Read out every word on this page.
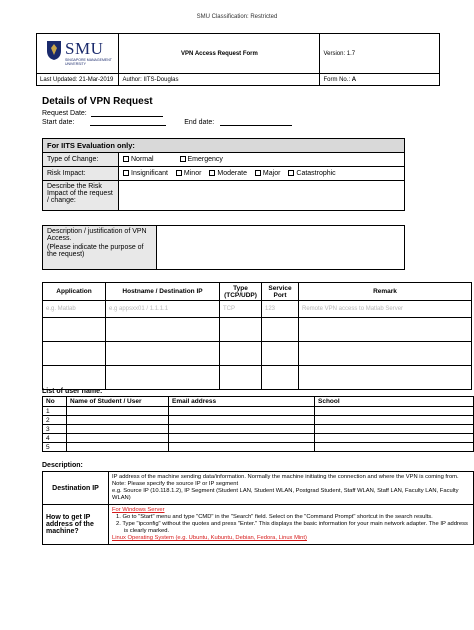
SMU Classification: Restricted
SMU
SINGAPORE MANAGEMENT UNIVERSITY	VPN Access Request Form	Version: 1.7
Last Updated: 21-Mar-2019	Author: IITS-Douglas	Form No.: A
Details of VPN Request
Request Date:
Start date:	End date:
For IITS Evaluation only:	
Type of Change:	Normal Emergency
Risk Impact:	Insignificant Minor Moderate Major Catastrophic
Describe the Risk Impact of the request / change:	
Description / justification of VPN Access.
(Please indicate the purpose of the request)

Application	Hostname / Destination IP	Type (TCP/UDP)	Service Port	Remark
e.g. Matlab	e.g appsxx01 / 1.1.1.1	TCP	123	Remote VPN access to Matlab Server

List of user name:
No	Name of Student / User	Email address	School
1			
2			
3			
4			
5			
Description:
Destination IP	IP address of the machine sending data/information. Normally the machine initiating the connection and where the VPN is coming from.
Note: Please specify the source IP or IP segment
e.g. Source IP (10.118.1.2), IP Segment (Student LAN, Student WLAN, Postgrad Student, Staff WLAN, Staff LAN, Faculty LAN, Faculty WLAN)

How to get IP address of the machine?	For Windows Server
1. Go to "Start" menu and type "CMD" in the "Search" field. Select on the "Command Prompt" shortcut in the search results.
2. Type "ipconfig" without the quotes and press "Enter." This displays the basic information for your main network adapter. The IP address is clearly marked.
Linux Operating System (e.g. Ubuntu, Kubuntu, Debian, Fedora, Linux Mint)
